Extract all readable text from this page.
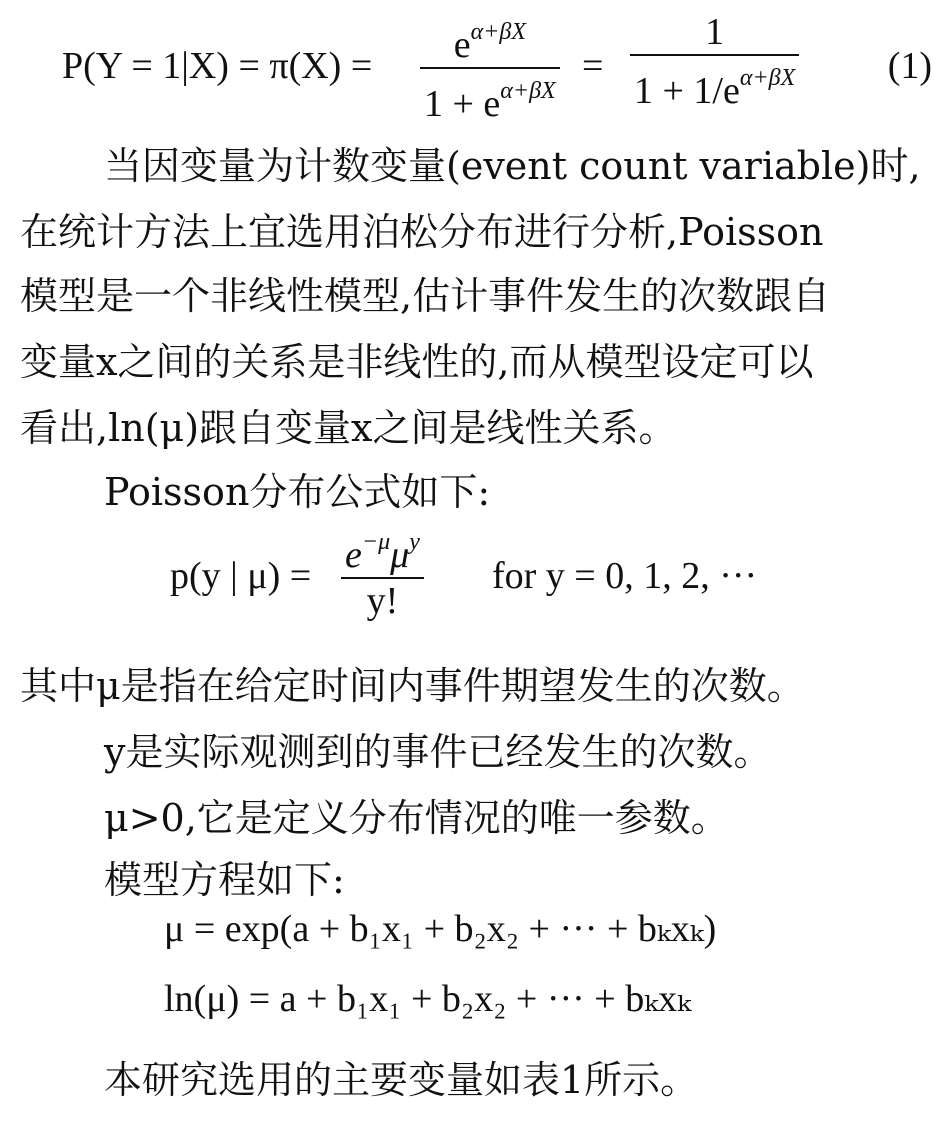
$P(Y = 1|X) = \pi(X) = e^{\alpha+\beta X}$
$1 + e^{\alpha+\beta X}$
=
1
$1 + 1/e^{\alpha+\beta X}$ (1)
当因变量为计数变量(event count variable)时,
在统计方法上宜选用泊松分布进行分析,Poisson
模型是一个非线性模型,估计事件发生的次数跟自
变量x之间的关系是非线性的,而从模型设定可以
看出,ln(μ)跟自变量x之间是线性关系。
Poisson分布公式如下:
p(y | $\mu) = e^{-\mu}\mu^y$
y!
for y = 0, 1, 2, ···
其中μ是指在给定时间内事件期望发生的次数。
y是实际观测到的事件已经发生的次数。
μ>0,它是定义分布情况的唯一参数。
模型方程如下:
μ = exp(a + b₁x₁ + b₂x₂ + ··· + bₖxₖ)
ln(μ) = a + b₁x₁ + b₂x₂ + ··· + bₖxₖ
本研究选用的主要变量如表1所示。
